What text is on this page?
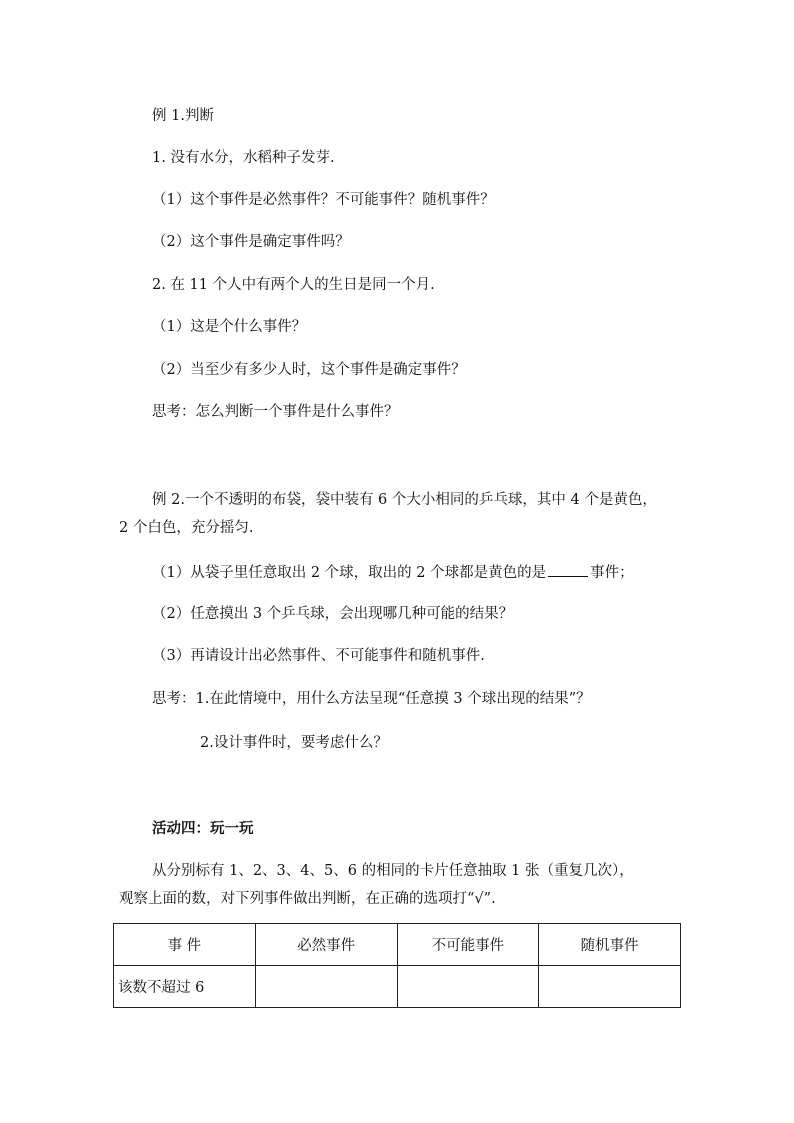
例 1.判断
1. 没有水分，水稻种子发芽.
（1）这个事件是必然事件？不可能事件？随机事件？
（2）这个事件是确定事件吗？
2. 在 11 个人中有两个人的生日是同一个月.
（1）这是个什么事件？
（2）当至少有多少人时，这个事件是确定事件？
思考：怎么判断一个事件是什么事件？
例 2.一个不透明的布袋，袋中装有 6 个大小相同的乒乓球，其中 4 个是黄色，
2 个白色，充分摇匀.
（1）从袋子里任意取出 2 个球，取出的 2 个球都是黄色的是	事件；
（2）任意摸出 3 个乒乓球，会出现哪几种可能的结果？
（3）再请设计出必然事件、不可能事件和随机事件.
思考：1.在此情境中，用什么方法呈现“任意摸 3 个球出现的结果”？
2.设计事件时，要考虑什么？
活动四：玩一玩
从分别标有 1、2、3、4、5、6 的相同的卡片任意抽取 1 张（重复几次），
观察上面的数，对下列事件做出判断，在正确的选项打“√”.
事 件	必然事件	不可能事件	随机事件
该数不超过 6			
